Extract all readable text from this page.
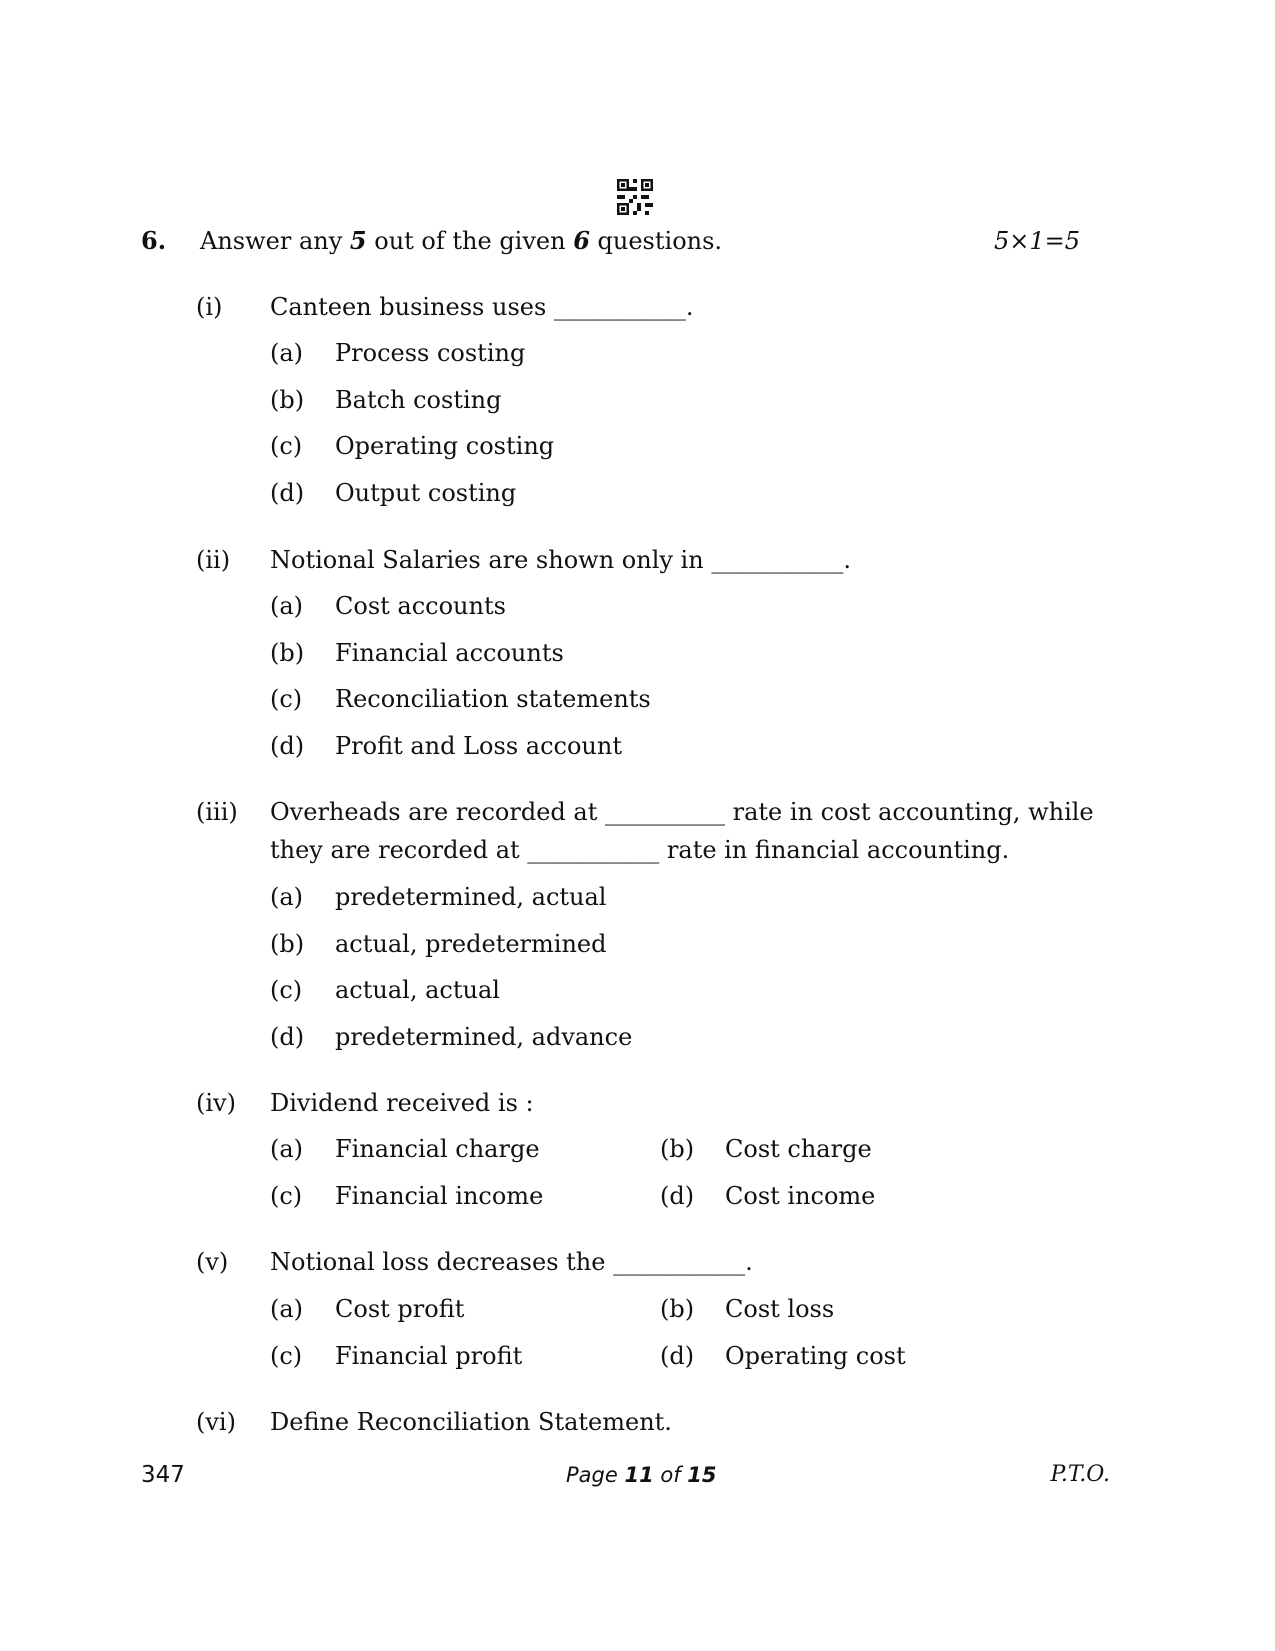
6. Answer any 5 out of the given 6 questions.	5×1=5
(i) Canteen business uses ___________.
(a) Process costing
(b) Batch costing
(c) Operating costing
(d) Output costing
(ii) Notional Salaries are shown only in ___________.
(a) Cost accounts
(b) Financial accounts
(c) Reconciliation statements
(d) Profit and Loss account
(iii) Overheads are recorded at __________ rate in cost accounting, while
they are recorded at ___________ rate in financial accounting.
(a) predetermined, actual
(b) actual, predetermined
(c) actual, actual
(d) predetermined, advance
(iv) Dividend received is :
(a) Financial charge	(b) Cost charge
(c) Financial income	(d) Cost income
(v) Notional loss decreases the ___________.
(a) Cost profit	(b) Cost loss
(c) Financial profit	(d) Operating cost
(vi) Define Reconciliation Statement.
347	Page 11 of 15	P.T.O.
